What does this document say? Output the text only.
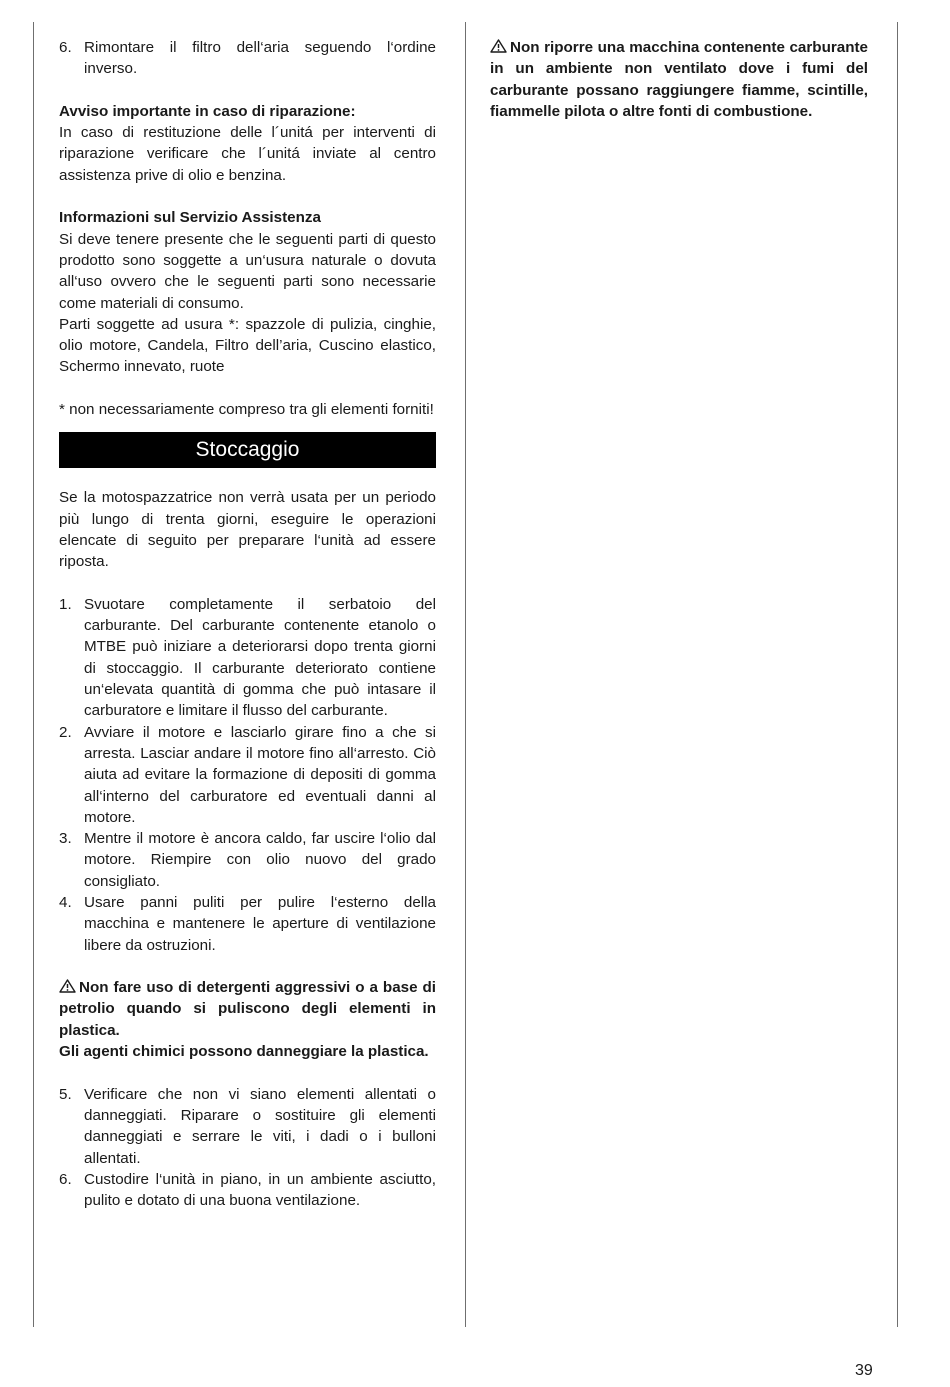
6. Rimontare il filtro dell‘aria seguendo l‘ordine inverso.

Avviso importante in caso di riparazione:

In caso di restituzione delle l´unitá per interventi di riparazione verificare che l´unitá inviate al centro assistenza prive di olio e benzina.

Informazioni sul Servizio Assistenza

Si deve tenere presente che le seguenti parti di questo prodotto sono soggette a un‘usura naturale o dovuta all‘uso ovvero che le seguenti parti sono necessarie come materiali di consumo.

Parti soggette ad usura *: spazzole di pulizia, cinghie, olio motore, Candela, Filtro dell’aria, Cuscino elastico, Schermo innevato, ruote

* non necessariamente compreso tra gli elementi forniti!

Stoccaggio

Se la motospazzatrice non verrà usata per un periodo più lungo di trenta giorni, eseguire le operazioni elencate di seguito per preparare l‘unità ad essere riposta.

1. Svuotare completamente il serbatoio del carburante. Del carburante contenente etanolo o MTBE può iniziare a deteriorarsi dopo trenta giorni di stoccaggio. Il carburante deteriorato contiene un‘elevata quantità di gomma che può intasare il carburatore e limitare il flusso del carburante.
2. Avviare il motore e lasciarlo girare fino a che si arresta. Lasciar andare il motore fino all‘arresto. Ciò aiuta ad evitare la formazione di depositi di gomma all‘interno del carburatore ed eventuali danni al motore.
3. Mentre il motore è ancora caldo, far uscire l‘olio dal motore. Riempire con olio nuovo del grado consigliato.
4. Usare panni puliti per pulire l‘esterno della macchina e mantenere le aperture di ventilazione libere da ostruzioni.

Non fare uso di detergenti aggressivi o a base di petrolio quando si puliscono degli elementi in plastica.

Gli agenti chimici possono danneggiare la plastica.

5. Verificare che non vi siano elementi allentati o danneggiati. Riparare o sostituire gli elementi danneggiati e serrare le viti, i dadi o i bulloni allentati.
6. Custodire l‘unità in piano, in un ambiente asciutto, pulito e dotato di una buona ventilazione.

Non riporre una macchina contenente carburante in un ambiente non ventilato dove i fumi del carburante possano raggiungere fiamme, scintille, fiammelle pilota o altre fonti di combustione.

39
